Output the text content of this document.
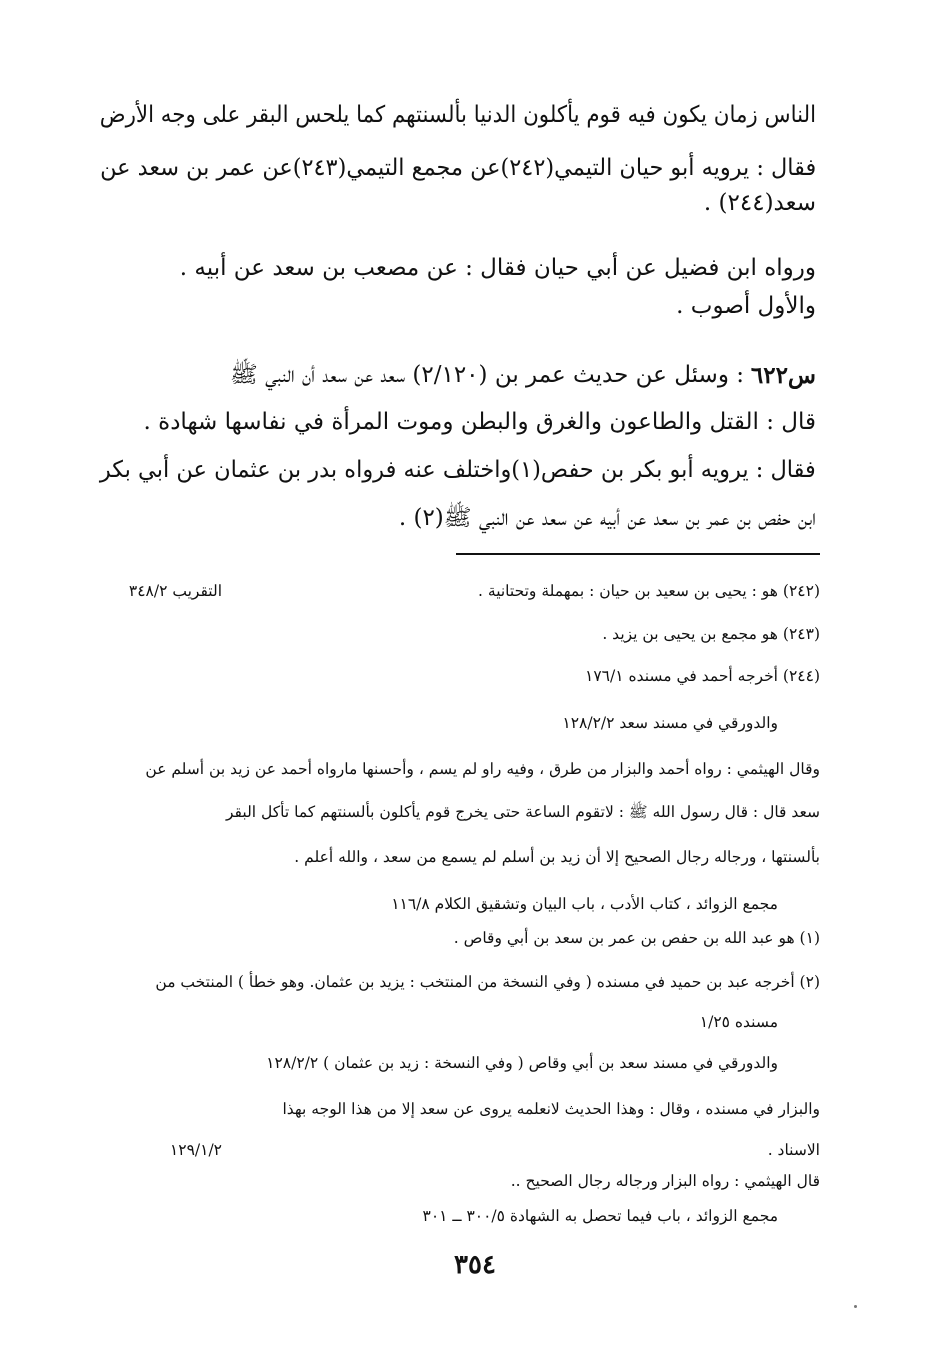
الناس زمان يكون فيه قوم يأكلون الدنيا بألسنتهم كما يلحس البقر على وجه الأرض
فقال : يرويه أبو حيان التيمي(٢٤٢)عن مجمع التيمي(٢٤٣)عن عمر بن سعد عن
سعد(٢٤٤) .
ورواه ابن فضيل عن أبي حيان فقال : عن مصعب بن سعد عن أبيه .
والأول أصوب .
س٦٢٢
: وسئل عن حديث عمر بن (٢/١٢٠) سعد عن سعد أن النبي ﷺ
قال : القتل والطاعون والغرق والبطن وموت المرأة في نفاسها شهادة .
فقال : يرويه أبو بكر بن حفص(١)واختلف عنه فرواه بدر بن عثمان عن أبي بكر
ابن حفص بن عمر بن سعد عن أبيه عن سعد عن النبي ﷺ(٢) .
(٢٤٢) هو : يحيى بن سعيد بن حيان : بمهملة وتحتانية .
التقريب ٣٤٨/٢
(٢٤٣) هو مجمع بن يحيى بن يزيد .
(٢٤٤) أخرجه أحمد في مسنده ١٧٦/١
والدورقي في مسند سعد ١٢٨/٢/٢
وقال الهيثمي : رواه أحمد والبزار من طرق ، وفيه راو لم يسم ، وأحسنها مارواه أحمد عن زيد بن أسلم عن
سعد قال : قال رسول الله ﷺ : لاتقوم الساعة حتى يخرج قوم يأكلون بألسنتهم كما تأكل البقر
بألسنتها ، ورجاله رجال الصحيح إلا أن زيد بن أسلم لم يسمع من سعد ، والله أعلم .
مجمع الزوائد ، كتاب الأدب ، باب البيان وتشقيق الكلام ١١٦/٨
(١) هو عبد الله بن حفص بن عمر بن سعد بن أبي وقاص .
(٢) أخرجه عبد بن حميد في مسنده ( وفي النسخة من المنتخب : يزيد بن عثمان. وهو خطأ ) المنتخب من
مسنده ١/٢٥
والدورقي في مسند سعد بن أبي وقاص ( وفي النسخة : زيد بن عثمان ) ١٢٨/٢/٢
والبزار في مسنده ، وقال : وهذا الحديث لانعلمه يروى عن سعد إلا من هذا الوجه بهذا
الاسناد .
١٢٩/١/٢
قال الهيثمي : رواه البزار ورجاله رجال الصحيح ..
مجمع الزوائد ، باب فيما تحصل به الشهادة ٣٠٠/٥ ــ ٣٠١
٣٥٤
